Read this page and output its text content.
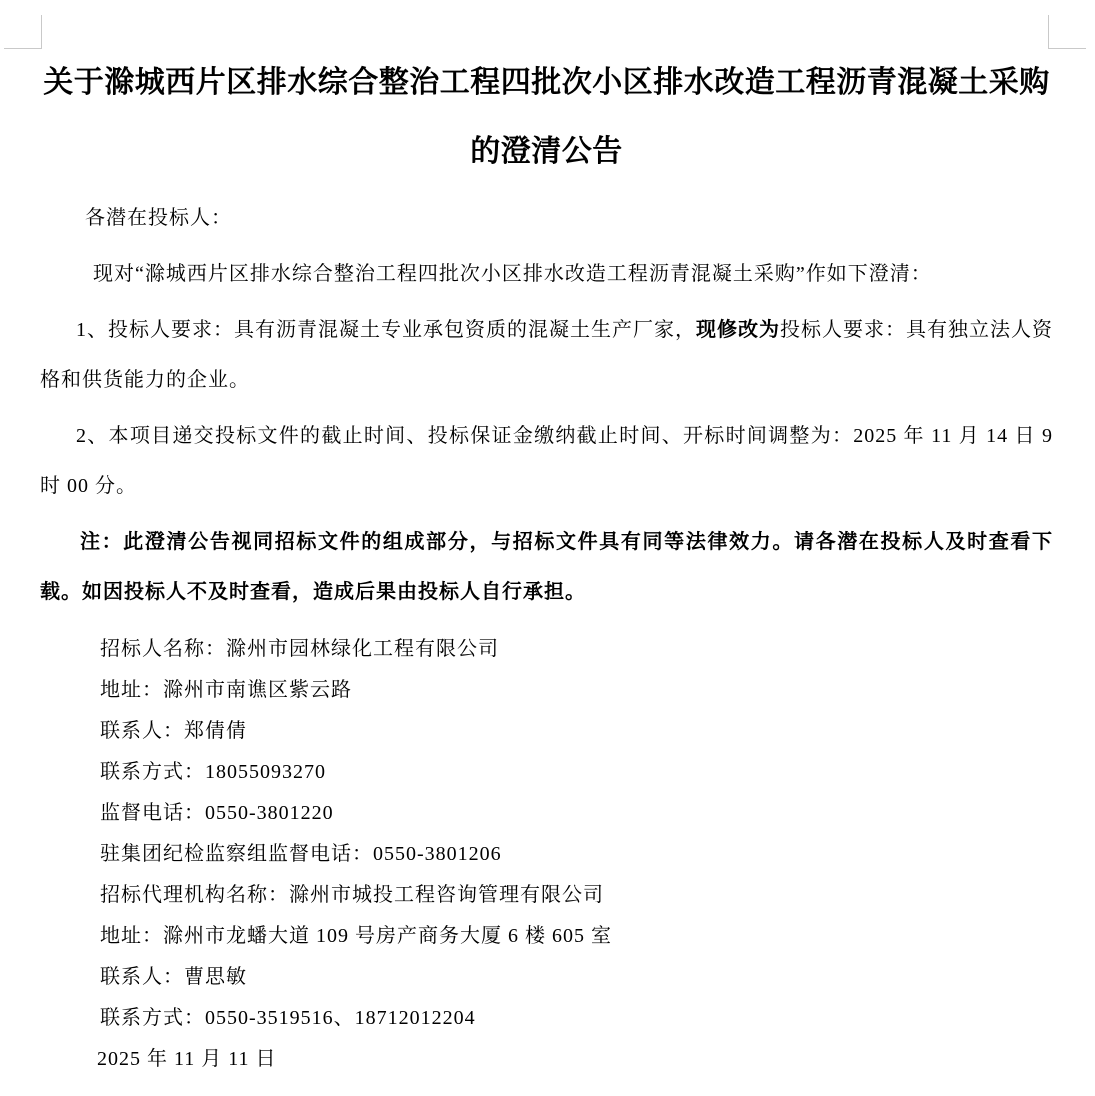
关于滁城西片区排水综合整治工程四批次小区排水改造工程沥青混凝土采购
的澄清公告

各潜在投标人：

现对“滁城西片区排水综合整治工程四批次小区排水改造工程沥青混凝土采购”作如下澄清：

1、投标人要求：具有沥青混凝土专业承包资质的混凝土生产厂家，现修改为投标人要求：具有独立法人资格和供货能力的企业。

2、本项目递交投标文件的截止时间、投标保证金缴纳截止时间、开标时间调整为：2025 年 11 月 14 日 9 时 00 分。

注：此澄清公告视同招标文件的组成部分，与招标文件具有同等法律效力。请各潜在投标人及时查看下载。如因投标人不及时查看，造成后果由投标人自行承担。

招标人名称：滁州市园林绿化工程有限公司

地址：滁州市南谯区紫云路

联系人：郑倩倩

联系方式：18055093270

监督电话：0550-3801220

驻集团纪检监察组监督电话：0550-3801206

招标代理机构名称：滁州市城投工程咨询管理有限公司

地址：滁州市龙蟠大道 109 号房产商务大厦 6 楼 605 室

联系人：曹思敏

联系方式：0550-3519516、18712012204

2025 年 11 月 11 日
